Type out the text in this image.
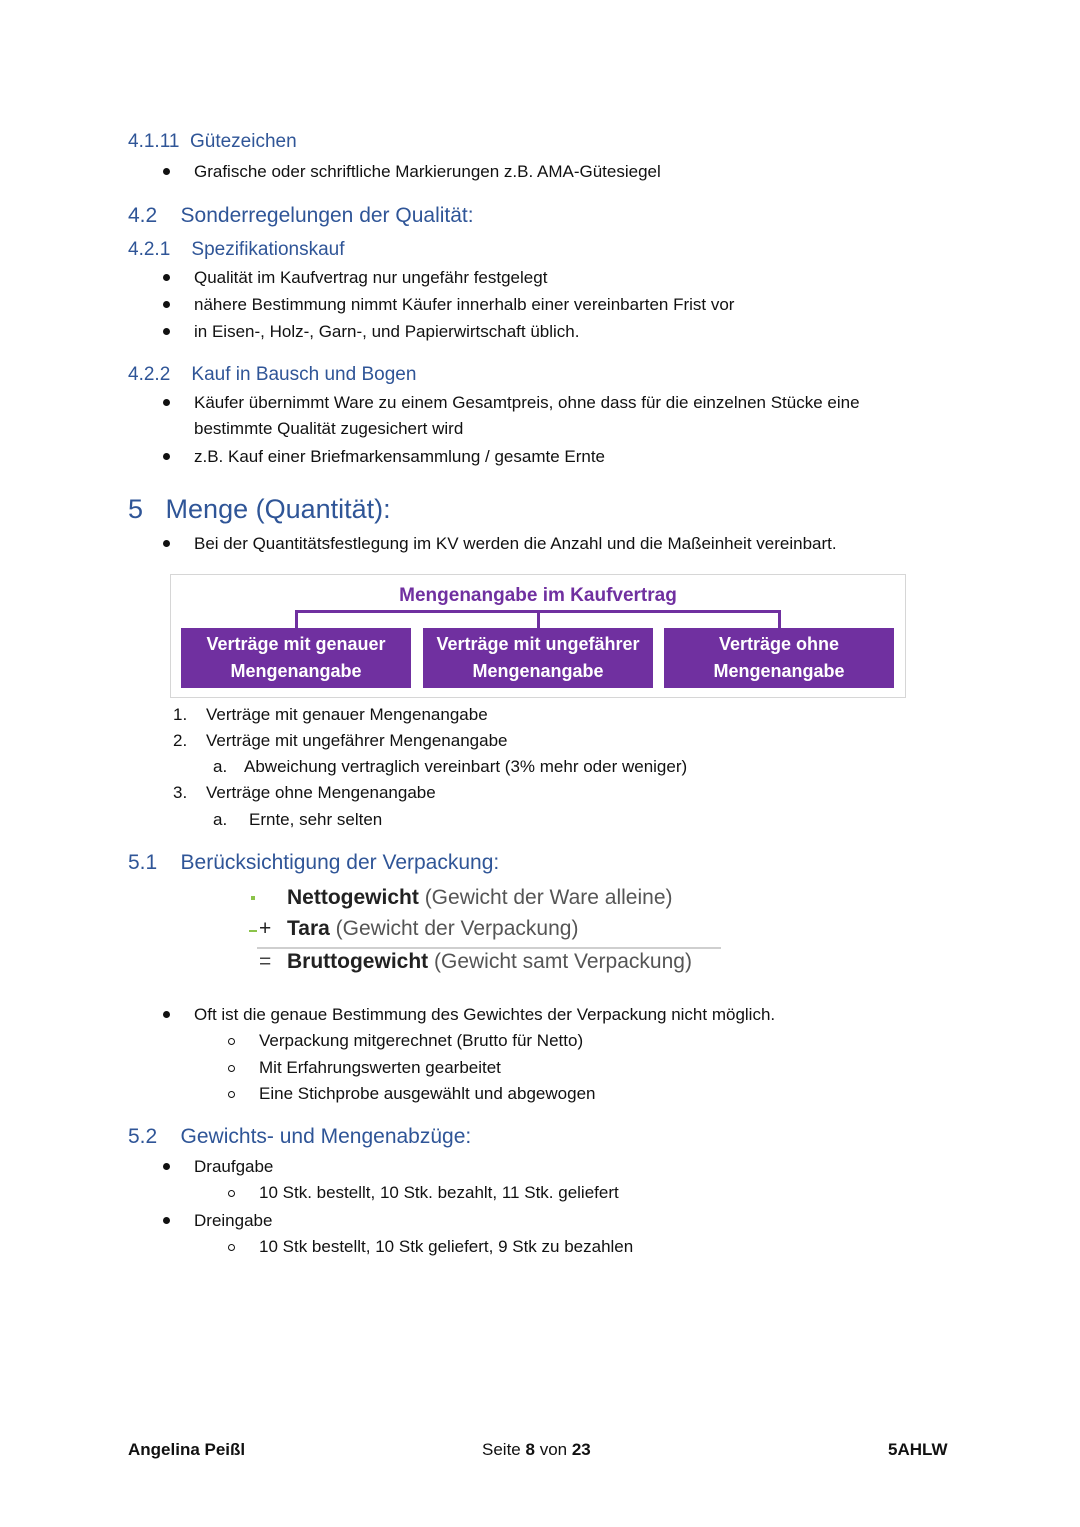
4.1.11 Gütezeichen
Grafische oder schriftliche Markierungen z.B. AMA-Gütesiegel
4.2 Sonderregelungen der Qualität:
4.2.1 Spezifikationskauf
Qualität im Kaufvertrag nur ungefähr festgelegt
nähere Bestimmung nimmt Käufer innerhalb einer vereinbarten Frist vor
in Eisen-, Holz-, Garn-, und Papierwirtschaft üblich.
4.2.2 Kauf in Bausch und Bogen
Käufer übernimmt Ware zu einem Gesamtpreis, ohne dass für die einzelnen Stücke eine
bestimmte Qualität zugesichert wird
z.B. Kauf einer Briefmarkensammlung / gesamte Ernte
5 Menge (Quantität):
Bei der Quantitätsfestlegung im KV werden die Anzahl und die Maßeinheit vereinbart.
Mengenangabe im Kaufvertrag
Verträge mit genauer
Mengenangabe
Verträge mit ungefährer
Mengenangabe
Verträge ohne
Mengenangabe
1. Verträge mit genauer Mengenangabe
2. Verträge mit ungefährer Mengenangabe
a. Abweichung vertraglich vereinbart (3% mehr oder weniger)
3. Verträge ohne Mengenangabe
a. Ernte, sehr selten
5.1 Berücksichtigung der Verpackung:
Nettogewicht (Gewicht der Ware alleine)
+ Tara (Gewicht der Verpackung)
= Bruttogewicht (Gewicht samt Verpackung)
Oft ist die genaue Bestimmung des Gewichtes der Verpackung nicht möglich.
Verpackung mitgerechnet (Brutto für Netto)
Mit Erfahrungswerten gearbeitet
Eine Stichprobe ausgewählt und abgewogen
5.2 Gewichts- und Mengenabzüge:
Draufgabe
10 Stk. bestellt, 10 Stk. bezahlt, 11 Stk. geliefert
Dreingabe
10 Stk bestellt, 10 Stk geliefert, 9 Stk zu bezahlen
Angelina Peißl	Seite 8 von 23	5AHLW
